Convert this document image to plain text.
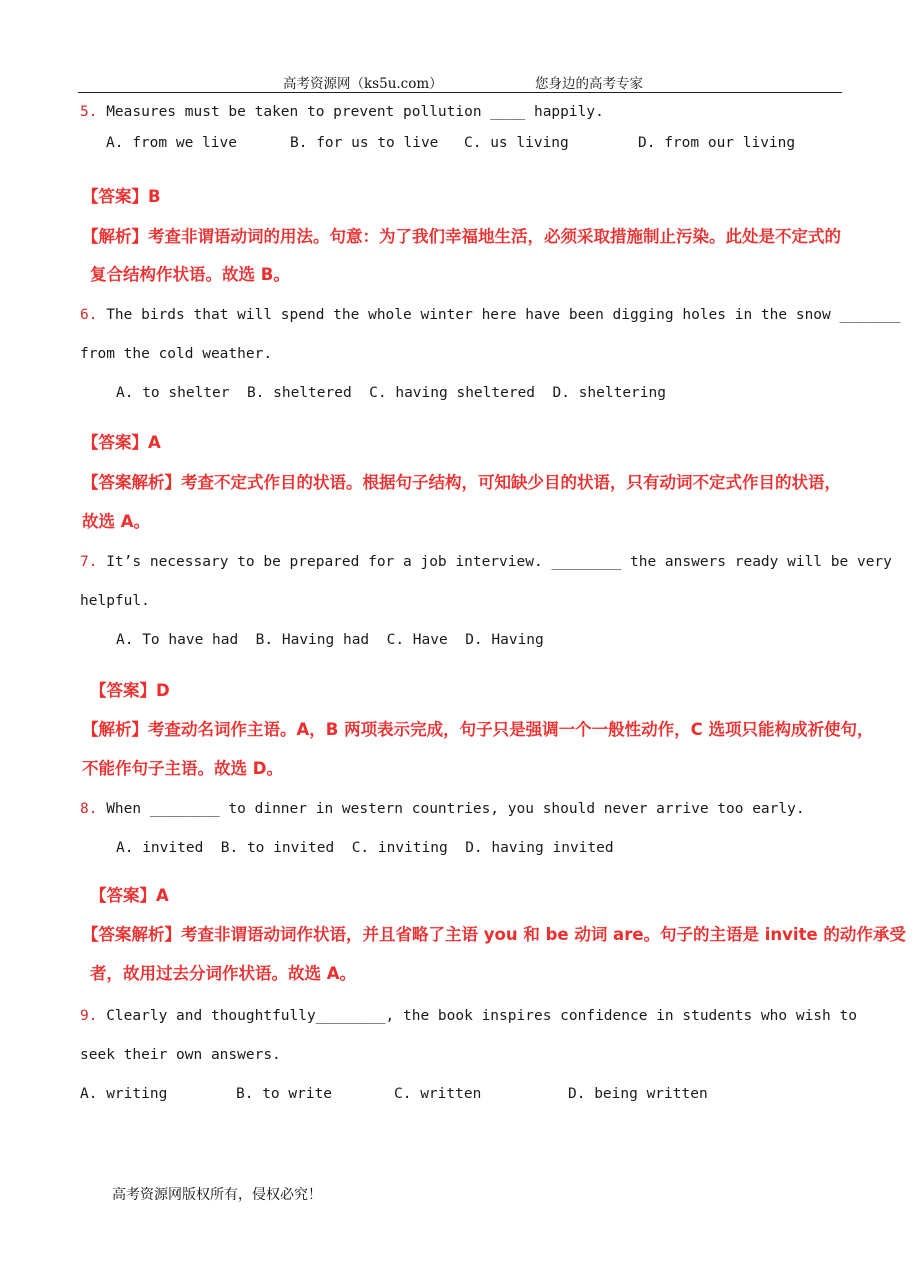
高考资源网（ks5u.com）	您身边的高考专家
5. Measures must be taken to prevent pollution ____ happily.
A. from we live	B. for us to live C. us living	D. from our living
【答案】B
【解析】考查非谓语动词的用法。句意：为了我们幸福地生活，必须采取措施制止污染。此处是不定式的
复合结构作状语。故选 B。
6. The birds that will spend the whole winter here have been digging holes in the snow _______
from the cold weather.
A. to shelter  B. sheltered  C. having sheltered  D. sheltering
【答案】A
【答案解析】考查不定式作目的状语。根据句子结构，可知缺少目的状语，只有动词不定式作目的状语，
故选 A。
7. It’s necessary to be prepared for a job interview. ________ the answers ready will be very
helpful.
A. To have had  B. Having had  C. Have  D. Having
【答案】D
【解析】考查动名词作主语。A，B 两项表示完成，句子只是强调一个一般性动作，C 选项只能构成祈使句，
不能作句子主语。故选 D。
8. When ________ to dinner in western countries, you should never arrive too early.
A. invited  B. to invited  C. inviting  D. having invited
【答案】A
【答案解析】考查非谓语动词作状语，并且省略了主语 you 和 be 动词 are。句子的主语是 invite 的动作承受
者，故用过去分词作状语。故选 A。
9. Clearly and thoughtfully________, the book inspires confidence in students who wish to
seek their own answers.
A. writing	B. to write	C. written	D. being written
高考资源网版权所有，侵权必究！
